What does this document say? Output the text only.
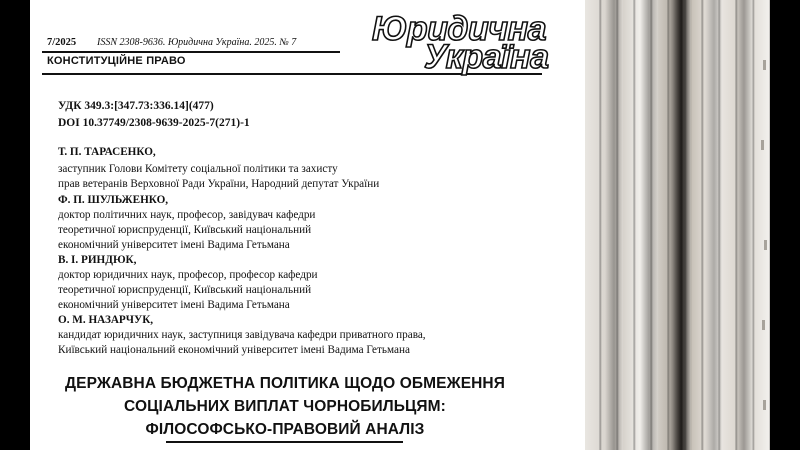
7/2025 ISSN 2308-9636. Юридична Україна. 2025. № 7
КОНСТИТУЦІЙНЕ ПРАВО
Юридична
Україна
УДК 349.3:[347.73:336.14](477)
DOI 10.37749/2308-9639-2025-7(271)-1
Т. П. ТАРАСЕНКО,
заступник Голови Комітету соціальної політики та захисту
прав ветеранів Верховної Ради України, Народний депутат України
Ф. П. ШУЛЬЖЕНКО,
доктор політичних наук, професор, завідувач кафедри
теоретичної юриспруденції, Київський національний
економічний університет імені Вадима Гетьмана
В. І. РИНДЮК,
доктор юридичних наук, професор, професор кафедри
теоретичної юриспруденції, Київський національний
економічний університет імені Вадима Гетьмана
О. М. НАЗАРЧУК,
кандидат юридичних наук, заступниця завідувача кафедри приватного права,
Київський національний економічний університет імені Вадима Гетьмана
ДЕРЖАВНА БЮДЖЕТНА ПОЛІТИКА ЩОДО ОБМЕЖЕННЯ
СОЦІАЛЬНИХ ВИПЛАТ ЧОРНОБИЛЬЦЯМ:
ФІЛОСОФСЬКО-ПРАВОВИЙ АНАЛІЗ
